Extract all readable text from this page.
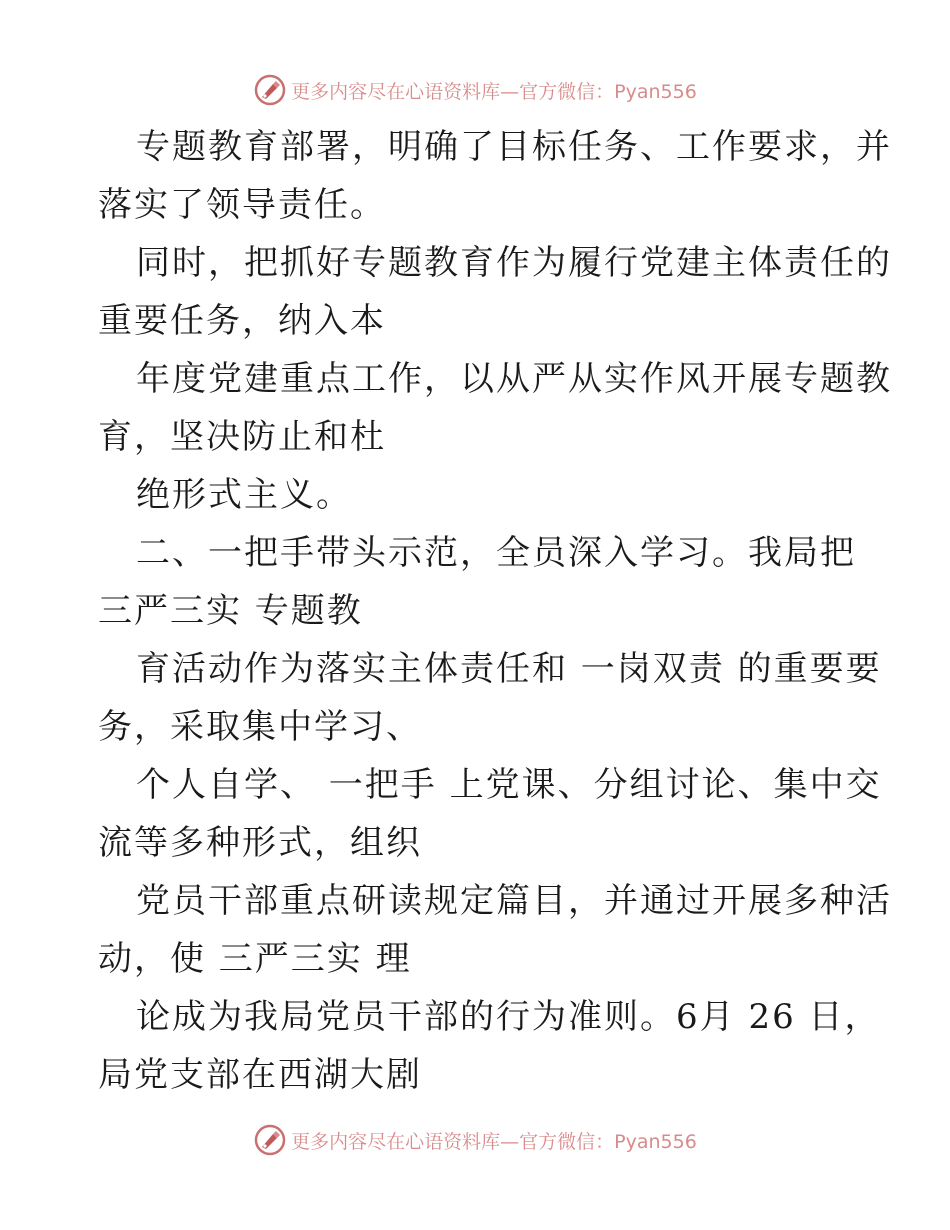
更多内容尽在心语资料库—官方微信：Pyan556
专题教育部署，明确了目标任务、工作要求，并
落实了领导责任。
同时，把抓好专题教育作为履行党建主体责任的
重要任务，纳入本
年度党建重点工作，以从严从实作风开展专题教
育，坚决防止和杜
绝形式主义。
二、一把手带头示范，全员深入学习。我局把
三严三实 专题教
育活动作为落实主体责任和 一岗双责 的重要要
务，采取集中学习、
个人自学、 一把手 上党课、分组讨论、集中交
流等多种形式，组织
党员干部重点研读规定篇目，并通过开展多种活
动，使 三严三实 理
论成为我局党员干部的行为准则。6月 26 日，
局党支部在西湖大剧
更多内容尽在心语资料库—官方微信：Pyan556
